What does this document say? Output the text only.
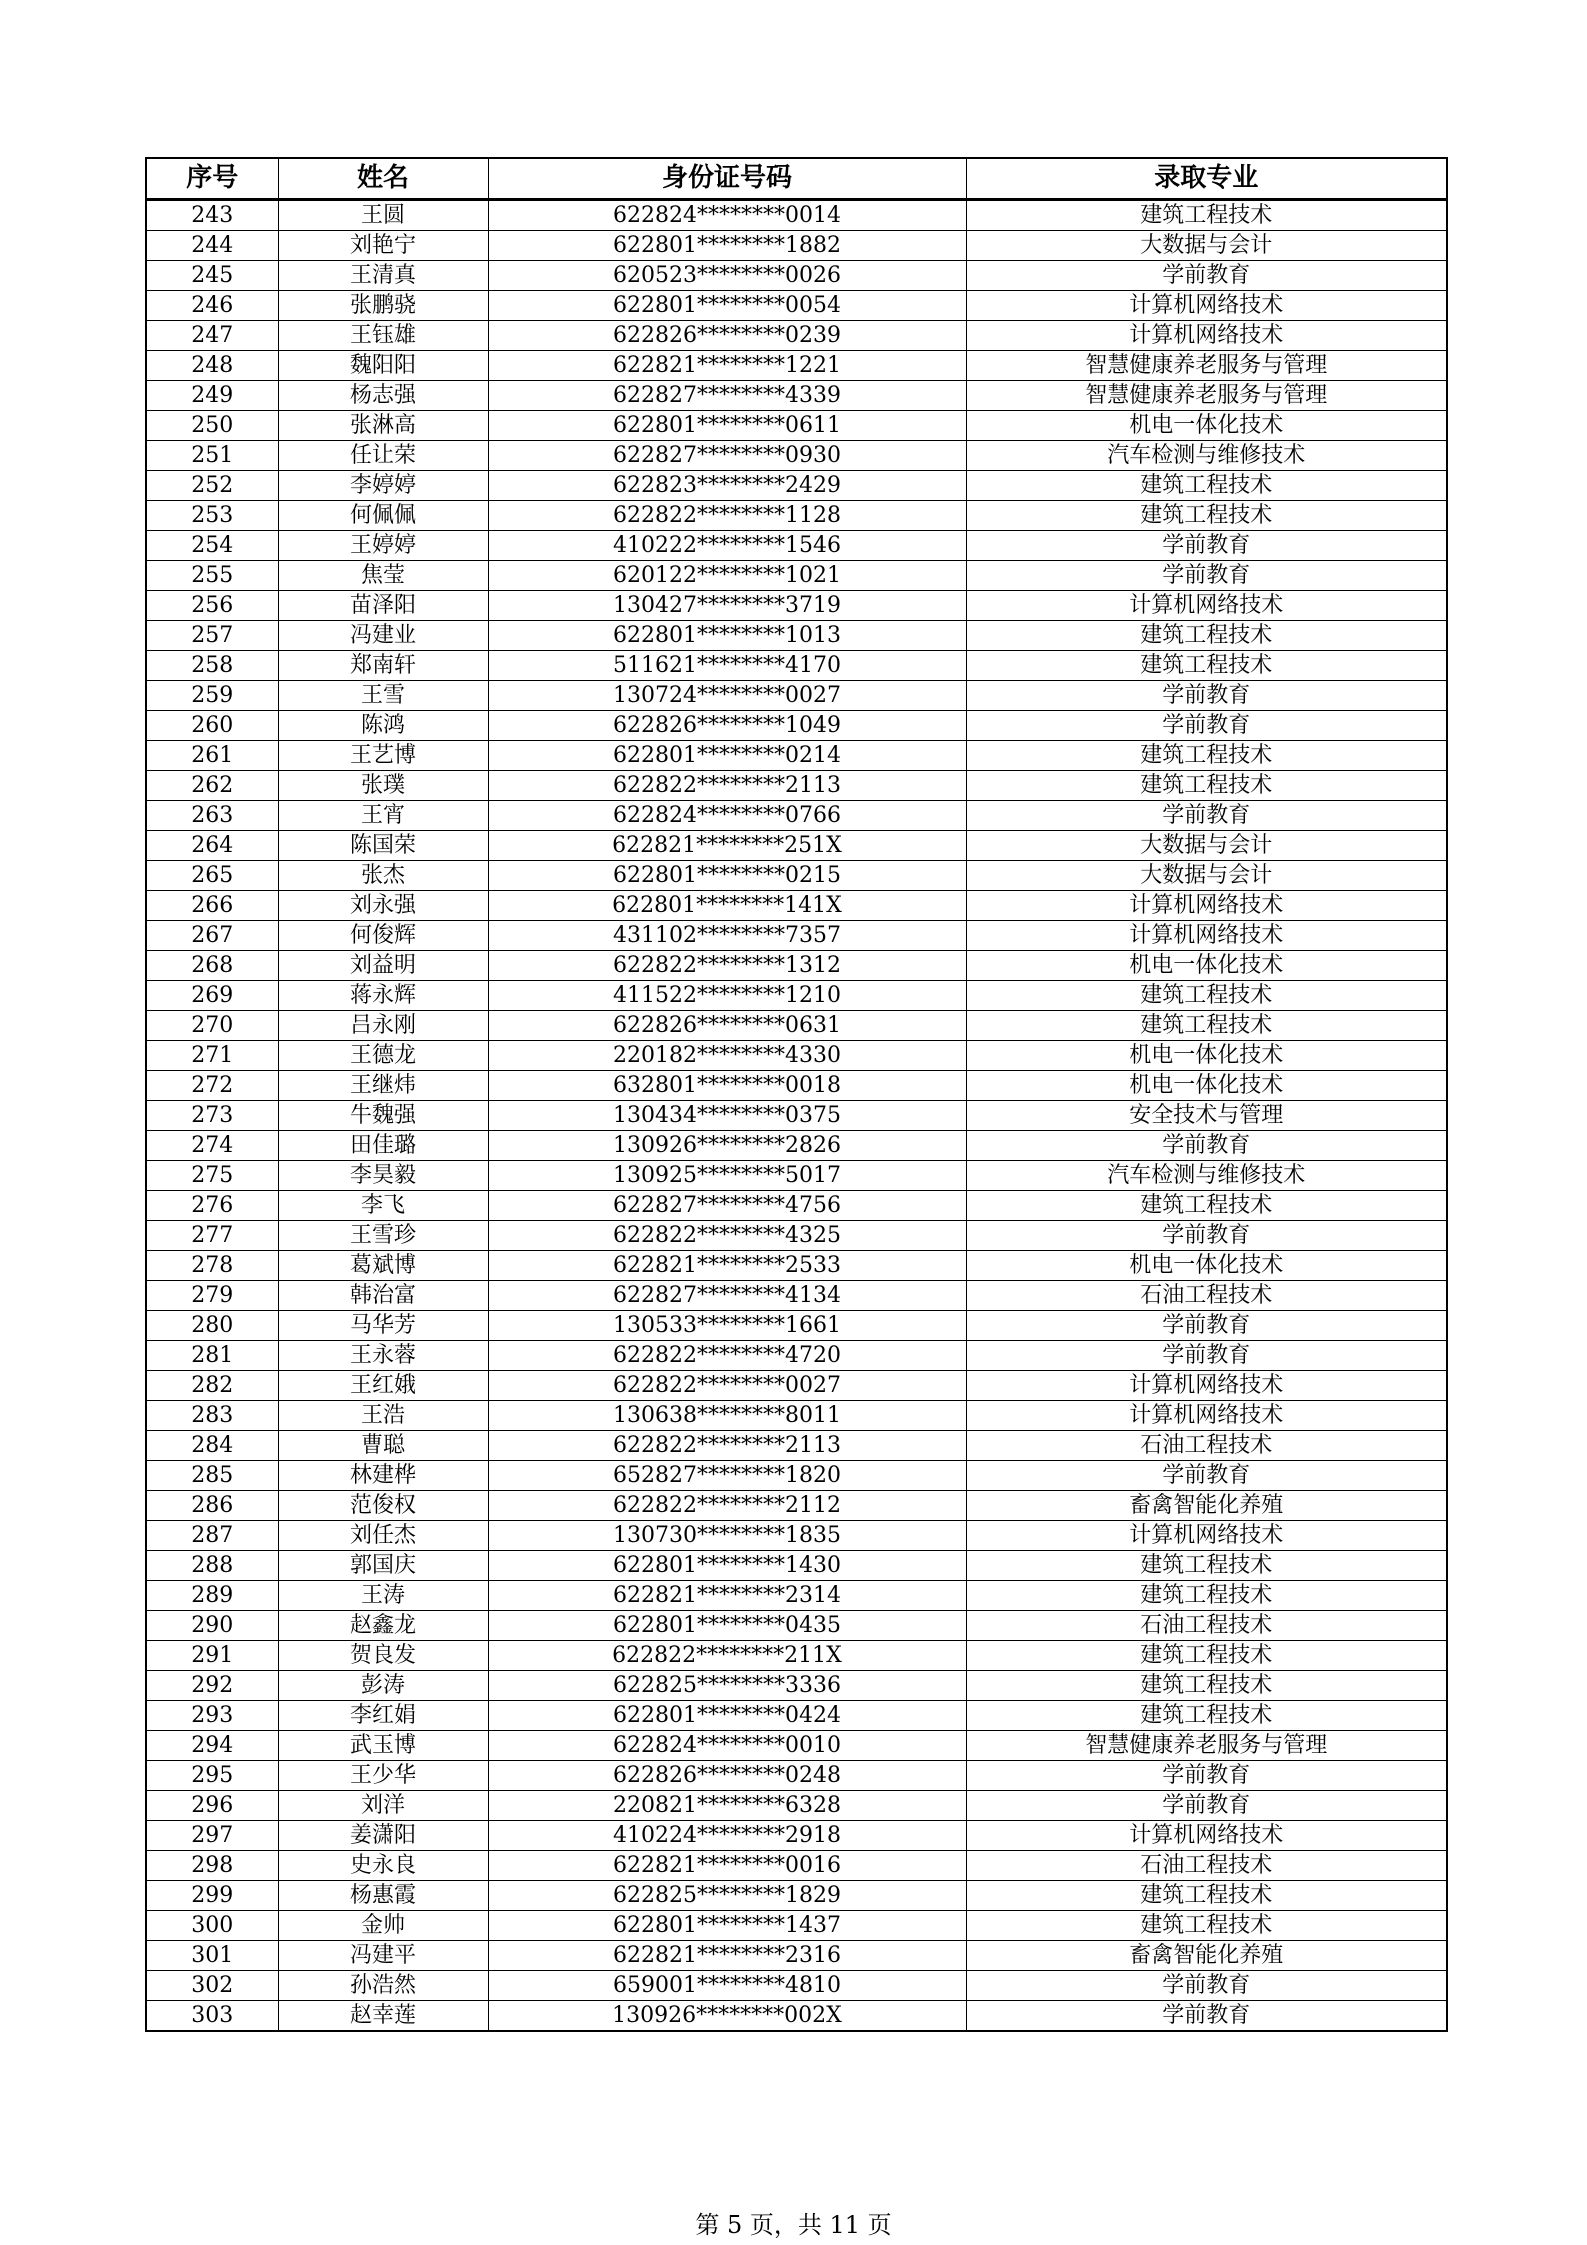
序号	姓名	身份证号码	录取专业
243	王圆	622824********0014	建筑工程技术
244	刘艳宁	622801********1882	大数据与会计
245	王清真	620523********0026	学前教育
246	张鹏骁	622801********0054	计算机网络技术
247	王钰雄	622826********0239	计算机网络技术
248	魏阳阳	622821********1221	智慧健康养老服务与管理
249	杨志强	622827********4339	智慧健康养老服务与管理
250	张淋高	622801********0611	机电一体化技术
251	任让荣	622827********0930	汽车检测与维修技术
252	李婷婷	622823********2429	建筑工程技术
253	何佩佩	622822********1128	建筑工程技术
254	王婷婷	410222********1546	学前教育
255	焦莹	620122********1021	学前教育
256	苗泽阳	130427********3719	计算机网络技术
257	冯建业	622801********1013	建筑工程技术
258	郑南轩	511621********4170	建筑工程技术
259	王雪	130724********0027	学前教育
260	陈鸿	622826********1049	学前教育
261	王艺博	622801********0214	建筑工程技术
262	张璞	622822********2113	建筑工程技术
263	王宵	622824********0766	学前教育
264	陈国荣	622821********251X	大数据与会计
265	张杰	622801********0215	大数据与会计
266	刘永强	622801********141X	计算机网络技术
267	何俊辉	431102********7357	计算机网络技术
268	刘益明	622822********1312	机电一体化技术
269	蒋永辉	411522********1210	建筑工程技术
270	吕永刚	622826********0631	建筑工程技术
271	王德龙	220182********4330	机电一体化技术
272	王继炜	632801********0018	机电一体化技术
273	牛魏强	130434********0375	安全技术与管理
274	田佳璐	130926********2826	学前教育
275	李昊毅	130925********5017	汽车检测与维修技术
276	李飞	622827********4756	建筑工程技术
277	王雪珍	622822********4325	学前教育
278	葛斌博	622821********2533	机电一体化技术
279	韩治富	622827********4134	石油工程技术
280	马华芳	130533********1661	学前教育
281	王永蓉	622822********4720	学前教育
282	王红娥	622822********0027	计算机网络技术
283	王浩	130638********8011	计算机网络技术
284	曹聪	622822********2113	石油工程技术
285	林建桦	652827********1820	学前教育
286	范俊权	622822********2112	畜禽智能化养殖
287	刘任杰	130730********1835	计算机网络技术
288	郭国庆	622801********1430	建筑工程技术
289	王涛	622821********2314	建筑工程技术
290	赵鑫龙	622801********0435	石油工程技术
291	贺良发	622822********211X	建筑工程技术
292	彭涛	622825********3336	建筑工程技术
293	李红娟	622801********0424	建筑工程技术
294	武玉博	622824********0010	智慧健康养老服务与管理
295	王少华	622826********0248	学前教育
296	刘洋	220821********6328	学前教育
297	姜潇阳	410224********2918	计算机网络技术
298	史永良	622821********0016	石油工程技术
299	杨惠霞	622825********1829	建筑工程技术
300	金帅	622801********1437	建筑工程技术
301	冯建平	622821********2316	畜禽智能化养殖
302	孙浩然	659001********4810	学前教育
303	赵幸莲	130926********002X	学前教育
第 5 页，共 11 页
